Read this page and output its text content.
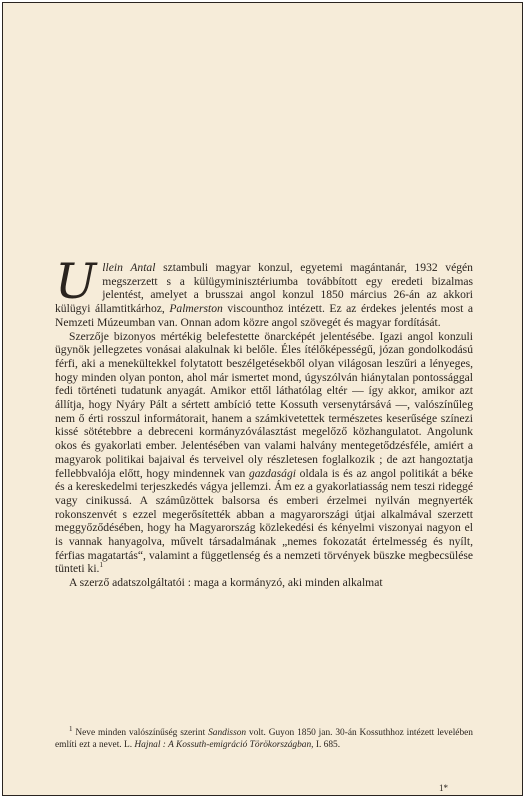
Ullein Antal sztambuli magyar konzul, egyetemi magántanár, 1932 végén megszerzett s a külügyminisztériumba továbbított egy eredeti bizalmas jelentést, amelyet a brusszai angol konzul 1850 március 26-án az akkori külügyi államtitkárhoz, Palmerston viscounthoz intézett. Ez az érdekes jelentés most a Nemzeti Múzeumban van. Onnan adom közre angol szövegét és magyar fordítását.

Szerzője bizonyos mértékig belefestette önarcképét jelentésébe. Igazi angol konzuli ügynök jellegzetes vonásai alakulnak ki belőle. Éles ítélőképességű, józan gondolkodású férfi, aki a menekültekkel folytatott beszélgetésekből olyan világosan leszűri a lényeges, hogy minden olyan ponton, ahol már ismertet mond, úgyszólván hiánytalan pontossággal fedi történeti tudatunk anyagát. Amikor ettől láthatólag eltér — így akkor, amikor azt állítja, hogy Nyáry Pált a sértett ambíció tette Kossuth versenytársává —, valószínűleg nem ő érti rosszul informátorait, hanem a számkivetettek természetes keserűsége színezi kissé sötétebbre a debreceni kormányzóválasztást megelőző közhangulatot. Angolunk okos és gyakorlati ember. Jelentésében van valami halvány mentegetődzésféle, amiért a magyarok politikai bajaival és terveivel oly részletesen foglalkozik ; de azt hangoztatja fellebbvalója előtt, hogy mindennek van gazdasági oldala is és az angol politikát a béke és a kereskedelmi terjeszkedés vágya jellemzi. Ám ez a gyakorlatiasság nem teszi rideggé vagy cinikussá. A számûzöttek balsorsa és emberi érzelmei nyilván megnyerték rokonszenvét s ezzel megerősítették abban a magyarországi útjai alkalmával szerzett meggyőződésében, hogy ha Magyarország közlekedési és kényelmi viszonyai nagyon el is vannak hanyagolva, művelt társadalmának „nemes fokozatát értelmesség és nyílt, férfias magatartás“, valamint a függetlenség és a nemzeti törvények büszke megbecsülése tünteti ki.$^1$

A szerző adatszolgáltatói : maga a kormányzó, aki minden alkalmat

$^1$ Neve minden valószínűség szerint Sandisson volt. Guyon 1850 jan. 30-án Kossuthhoz intézett levelében említi ezt a nevet. L. Hajnal : A Kossuth-emigráció Törökországban, I. 685.

1*
